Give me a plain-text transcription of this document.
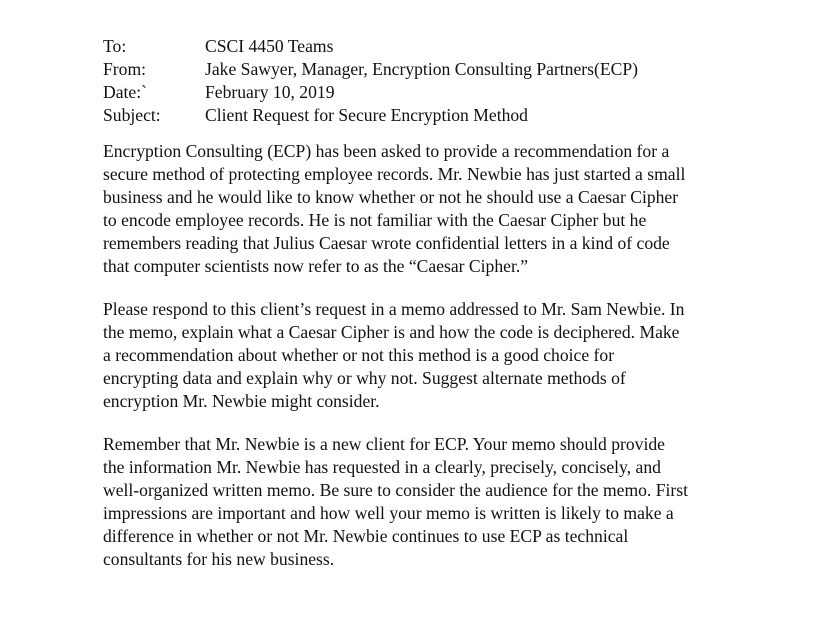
To:	CSCI 4450 Teams
From:	Jake Sawyer, Manager, Encryption Consulting Partners(ECP)
Date:`	February 10, 2019
Subject:	Client Request for Secure Encryption Method

Encryption Consulting (ECP) has been asked to provide a recommendation for a
secure method of protecting employee records. Mr. Newbie has just started a small
business and he would like to know whether or not he should use a Caesar Cipher
to encode employee records. He is not familiar with the Caesar Cipher but he
remembers reading that Julius Caesar wrote confidential letters in a kind of code
that computer scientists now refer to as the “Caesar Cipher.”

Please respond to this client’s request in a memo addressed to Mr. Sam Newbie. In
the memo, explain what a Caesar Cipher is and how the code is deciphered. Make
a recommendation about whether or not this method is a good choice for
encrypting data and explain why or why not. Suggest alternate methods of
encryption Mr. Newbie might consider.

Remember that Mr. Newbie is a new client for ECP. Your memo should provide
the information Mr. Newbie has requested in a clearly, precisely, concisely, and
well-organized written memo. Be sure to consider the audience for the memo. First
impressions are important and how well your memo is written is likely to make a
difference in whether or not Mr. Newbie continues to use ECP as technical
consultants for his new business.
